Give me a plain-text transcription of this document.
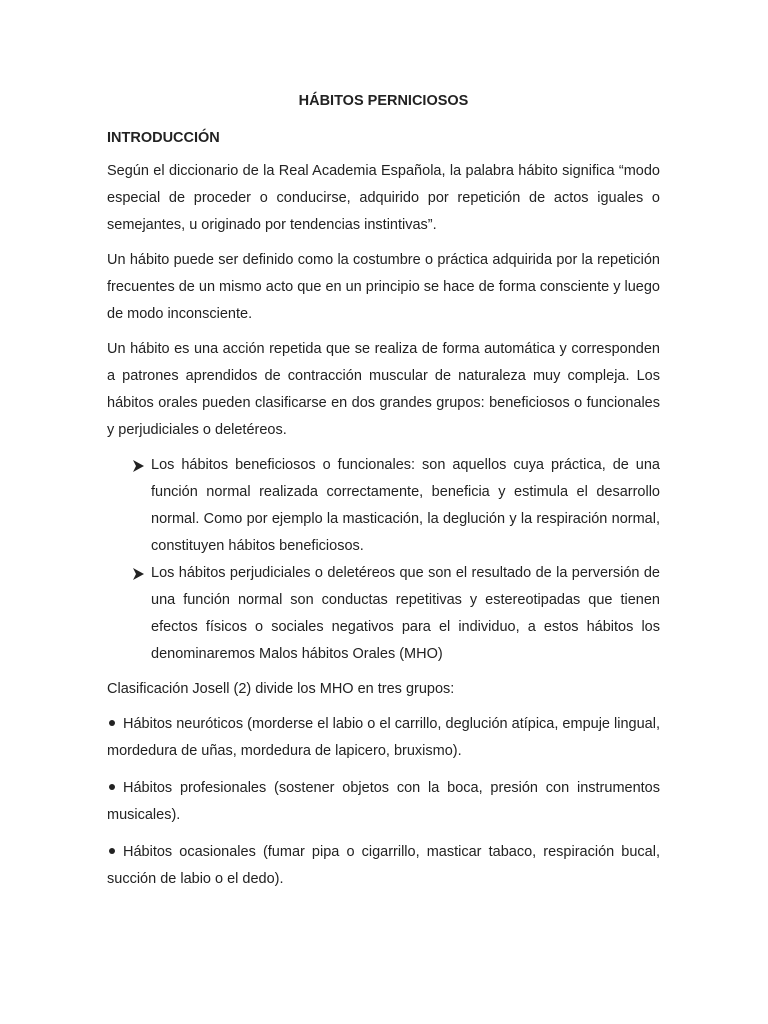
HÁBITOS PERNICIOSOS
INTRODUCCIÓN

Según el diccionario de la Real Academia Española, la palabra hábito significa “modo especial de proceder o conducirse, adquirido por repetición de actos iguales o semejantes, u originado por tendencias instintivas”.

Un hábito puede ser definido como la costumbre o práctica adquirida por la repetición frecuentes de un mismo acto que en un principio se hace de forma consciente y luego de modo inconsciente.

Un hábito es una acción repetida que se realiza de forma automática y corresponden a patrones aprendidos de contracción muscular de naturaleza muy compleja. Los hábitos orales pueden clasificarse en dos grandes grupos: beneficiosos o funcionales y perjudiciales o deletéreos.

Los hábitos beneficiosos o funcionales: son aquellos cuya práctica, de una función normal realizada correctamente, beneficia y estimula el desarrollo normal. Como por ejemplo la masticación, la deglución y la respiración normal, constituyen hábitos beneficiosos.
Los hábitos perjudiciales o deletéreos que son el resultado de la perversión de una función normal son conductas repetitivas y estereotipadas que tienen efectos físicos o sociales negativos para el individuo, a estos hábitos los denominaremos Malos hábitos Orales (MHO)

Clasificación Josell (2) divide los MHO en tres grupos:

Hábitos neuróticos (morderse el labio o el carrillo, deglución atípica, empuje lingual, mordedura de uñas, mordedura de lapicero, bruxismo).

Hábitos profesionales (sostener objetos con la boca, presión con instrumentos musicales).

Hábitos ocasionales (fumar pipa o cigarrillo, masticar tabaco, respiración bucal, succión de labio o el dedo).
